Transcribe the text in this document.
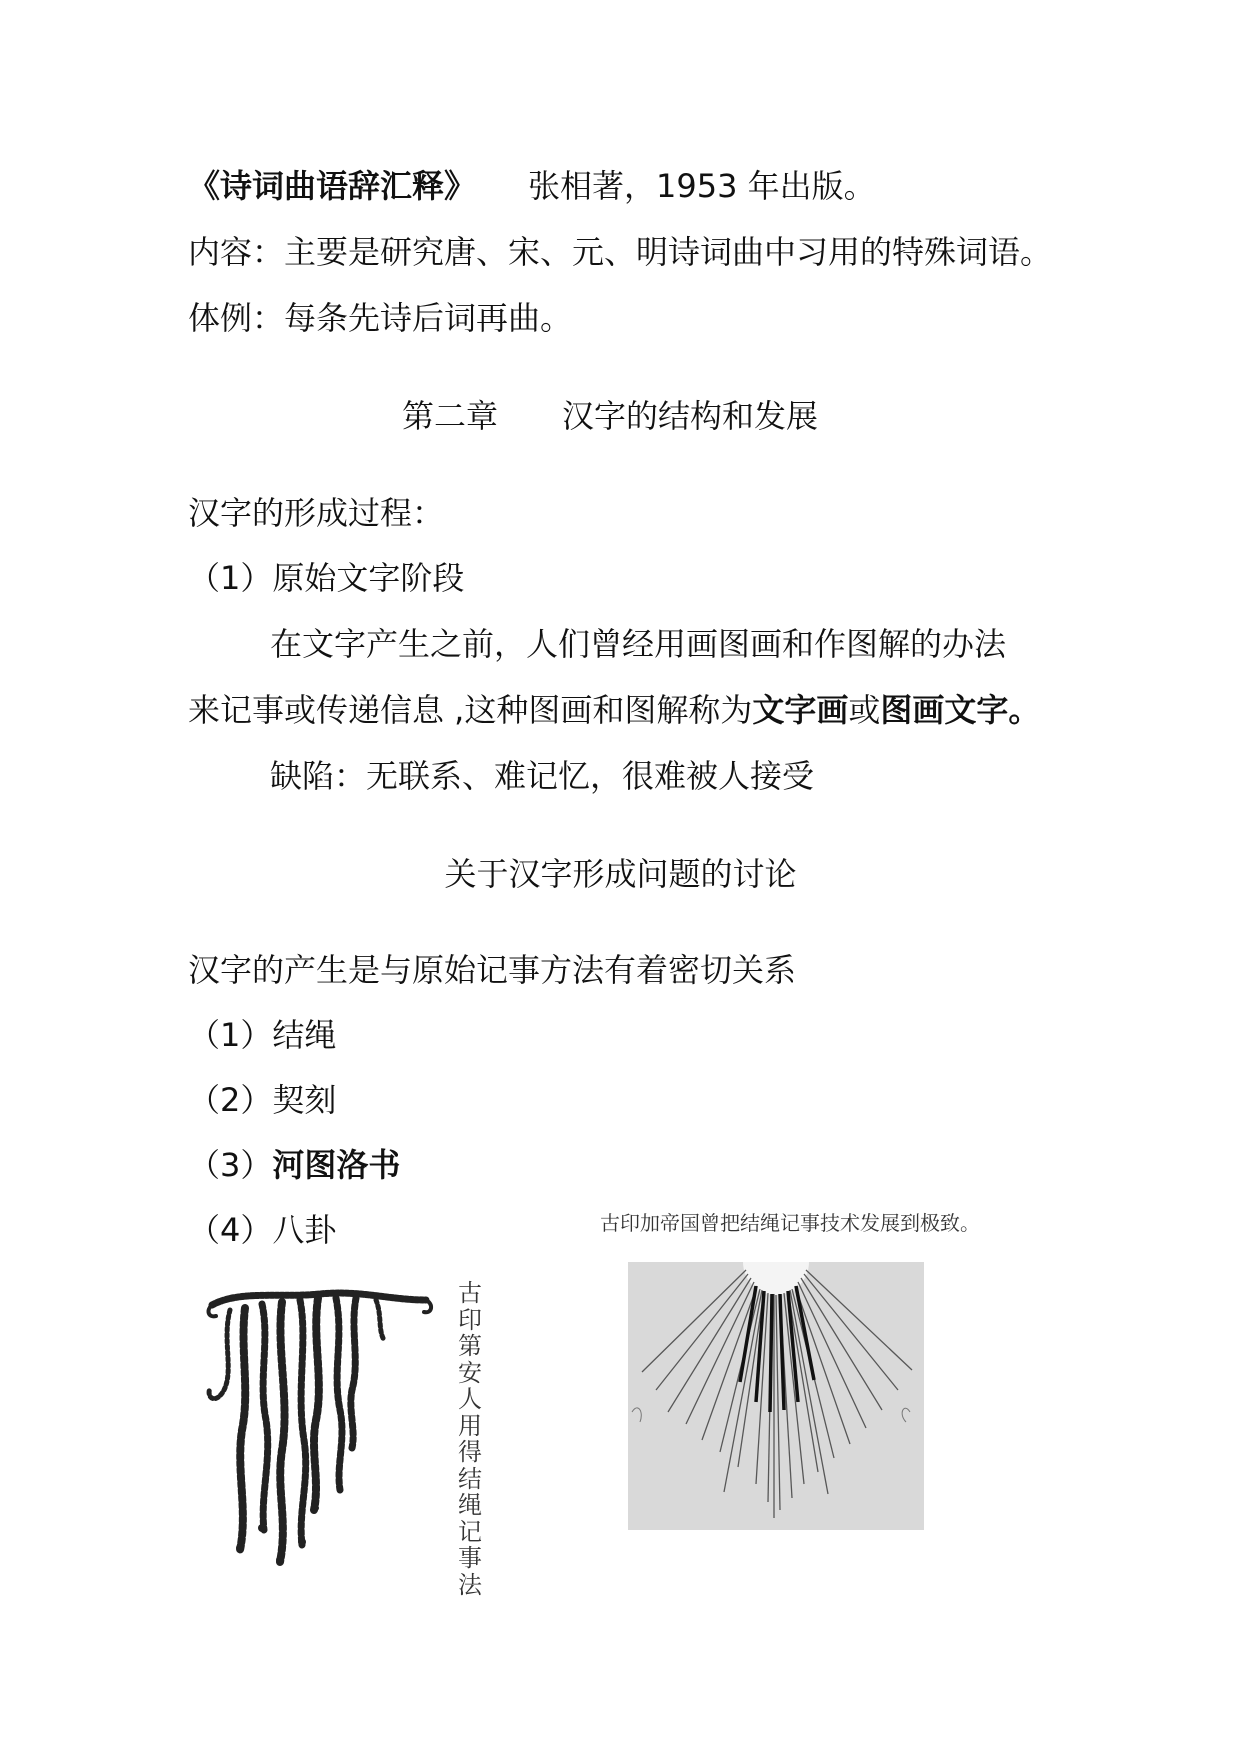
《诗词曲语辞汇释》 张相著，1953 年出版。
内容：主要是研究唐、宋、元、明诗词曲中习用的特殊词语。
体例：每条先诗后词再曲。
第二章 汉字的结构和发展
汉字的形成过程：
（1）原始文字阶段
在文字产生之前，人们曾经用画图画和作图解的办法
来记事或传递信息 ,这种图画和图解称为文字画或图画文字。
缺陷：无联系、难记忆，很难被人接受
关于汉字形成问题的讨论
汉字的产生是与原始记事方法有着密切关系
（1）结绳
（2）契刻
（3）河图洛书
（4）八卦	古印加帝国曾把结绳记事技术发展到极致。
古
印
第
安
人
用
得
结
绳
记
事
法
